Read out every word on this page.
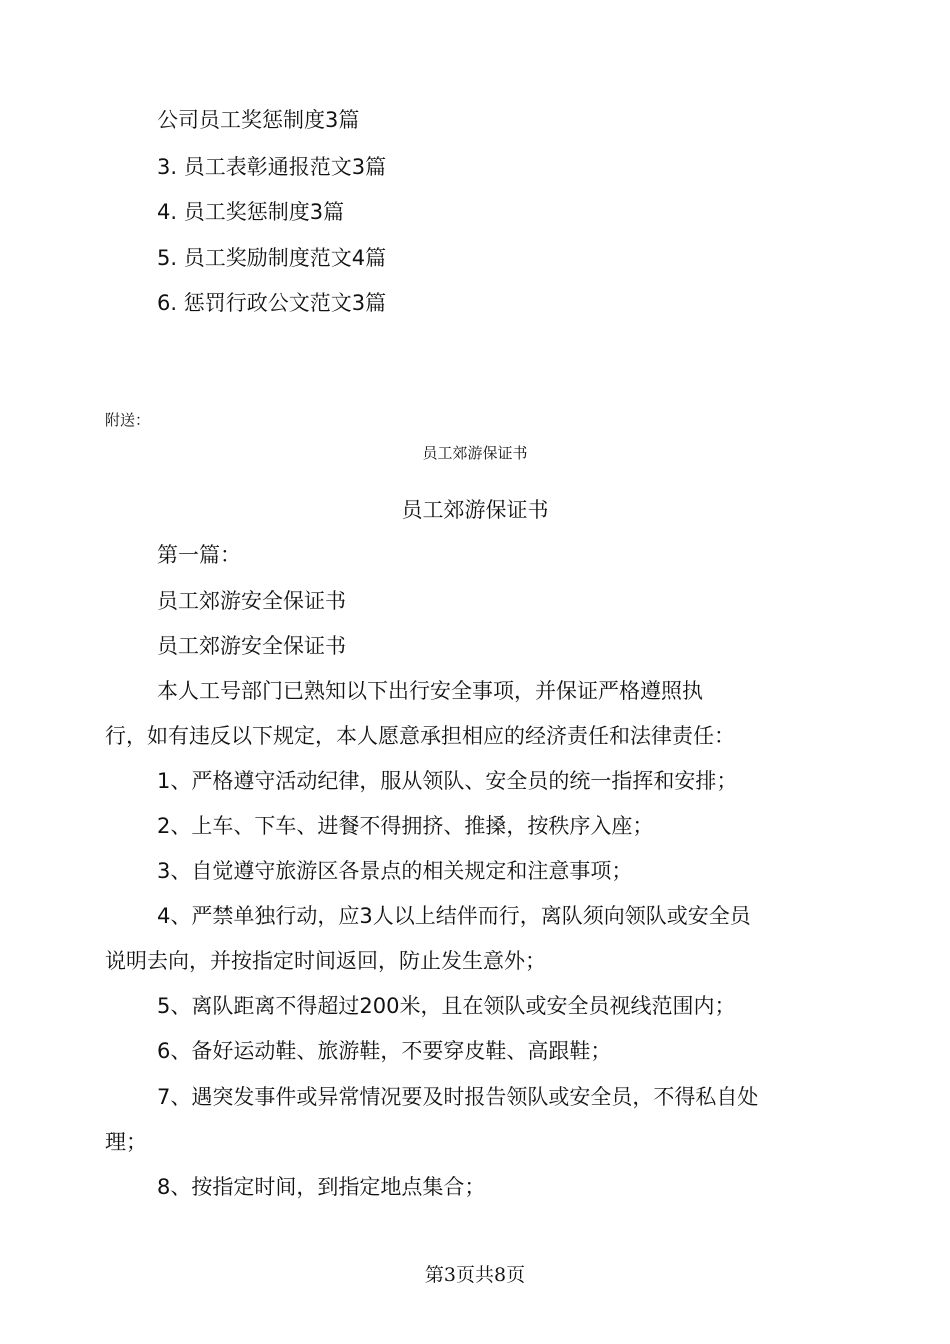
公司员工奖惩制度3篇
3. 员工表彰通报范文3篇
4. 员工奖惩制度3篇
5. 员工奖励制度范文4篇
6. 惩罚行政公文范文3篇
附送：
员工郊游保证书
员工郊游保证书
第一篇：
员工郊游安全保证书
员工郊游安全保证书
本人工号部门已熟知以下出行安全事项，并保证严格遵照执
行，如有违反以下规定，本人愿意承担相应的经济责任和法律责任：
1、严格遵守活动纪律，服从领队、安全员的统一指挥和安排；
2、上车、下车、进餐不得拥挤、推搡，按秩序入座；
3、自觉遵守旅游区各景点的相关规定和注意事项；
4、严禁单独行动，应3人以上结伴而行，离队须向领队或安全员
说明去向，并按指定时间返回，防止发生意外；
5、离队距离不得超过200米，且在领队或安全员视线范围内；
6、备好运动鞋、旅游鞋，不要穿皮鞋、高跟鞋；
7、遇突发事件或异常情况要及时报告领队或安全员，不得私自处
理；
8、按指定时间，到指定地点集合；
第3页共8页
